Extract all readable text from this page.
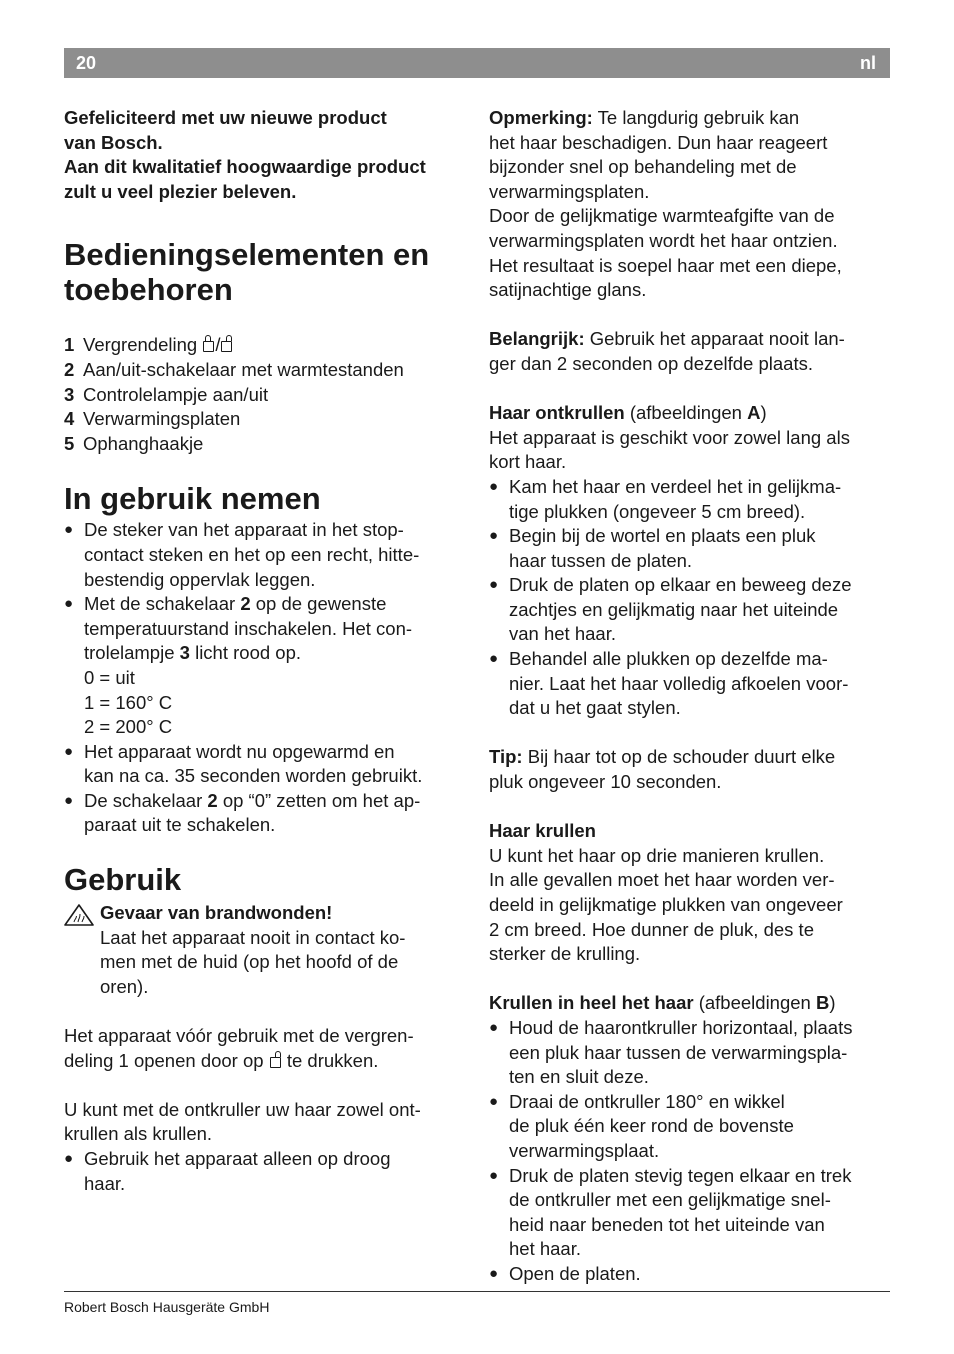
20	nl

Gefeliciteerd met uw nieuwe product
van Bosch.
Aan dit kwalitatief hoogwaardige product
zult u veel plezier beleven.

Bedieningselementen en
toebehoren
1 Vergrendeling /
2 Aan/uit-schakelaar met warmtestanden
3 Controlelampje aan/uit
4 Verwarmingsplaten
5 Ophanghaakje
In gebruik nemen
● De steker van het apparaat in het stop-
contact steken en het op een recht, hitte-
bestendig oppervlak leggen.
● Met de schakelaar 2 op de gewenste
temperatuurstand inschakelen. Het con-
trolelampje 3 licht rood op.
0 = uit
1 = 160° C
2 = 200° C
● Het apparaat wordt nu opgewarmd en
kan na ca. 35 seconden worden gebruikt.
● De schakelaar 2 op “0” zetten om het ap-
paraat uit te schakelen.
Gebruik
Gevaar van brandwonden!
Laat het apparaat nooit in contact ko-
men met de huid (op het hoofd of de
oren).

Het apparaat vóór gebruik met de vergren-
deling 1 openen door op  te drukken.

U kunt met de ontkruller uw haar zowel ont-
krullen als krullen.

● Gebruik het apparaat alleen op droog
haar.

Opmerking: Te langdurig gebruik kan
het haar beschadigen. Dun haar reageert
bijzonder snel op behandeling met de
verwarmingsplaten.
Door de gelijkmatige warmteafgifte van de
verwarmingsplaten wordt het haar ontzien.
Het resultaat is soepel haar met een diepe,
satijnachtige glans.

Belangrijk: Gebruik het apparaat nooit lan-
ger dan 2 seconden op dezelfde plaats.

Haar ontkrullen (afbeeldingen A)

Het apparaat is geschikt voor zowel lang als
kort haar.

● Kam het haar en verdeel het in gelijkma-
tige plukken (ongeveer 5 cm breed).
● Begin bij de wortel en plaats een pluk
haar tussen de platen.
● Druk de platen op elkaar en beweeg deze
zachtjes en gelijkmatig naar het uiteinde
van het haar.
● Behandel alle plukken op dezelfde ma-
nier. Laat het haar volledig afkoelen voor-
dat u het gaat stylen.

Tip: Bij haar tot op de schouder duurt elke
pluk ongeveer 10 seconden.

Haar krullen

U kunt het haar op drie manieren krullen.
In alle gevallen moet het haar worden ver-
deeld in gelijkmatige plukken van ongeveer
2 cm breed. Hoe dunner de pluk, des te
sterker de krulling.

Krullen in heel het haar (afbeeldingen B)

● Houd de haarontkruller horizontaal, plaats
een pluk haar tussen de verwarmingspla-
ten en sluit deze.
● Draai de ontkruller 180° en wikkel
de pluk één keer rond de bovenste
verwarmingsplaat.
● Druk de platen stevig tegen elkaar en trek
de ontkruller met een gelijkmatige snel-
heid naar beneden tot het uiteinde van
het haar.
● Open de platen.
Robert Bosch Hausgeräte GmbH
